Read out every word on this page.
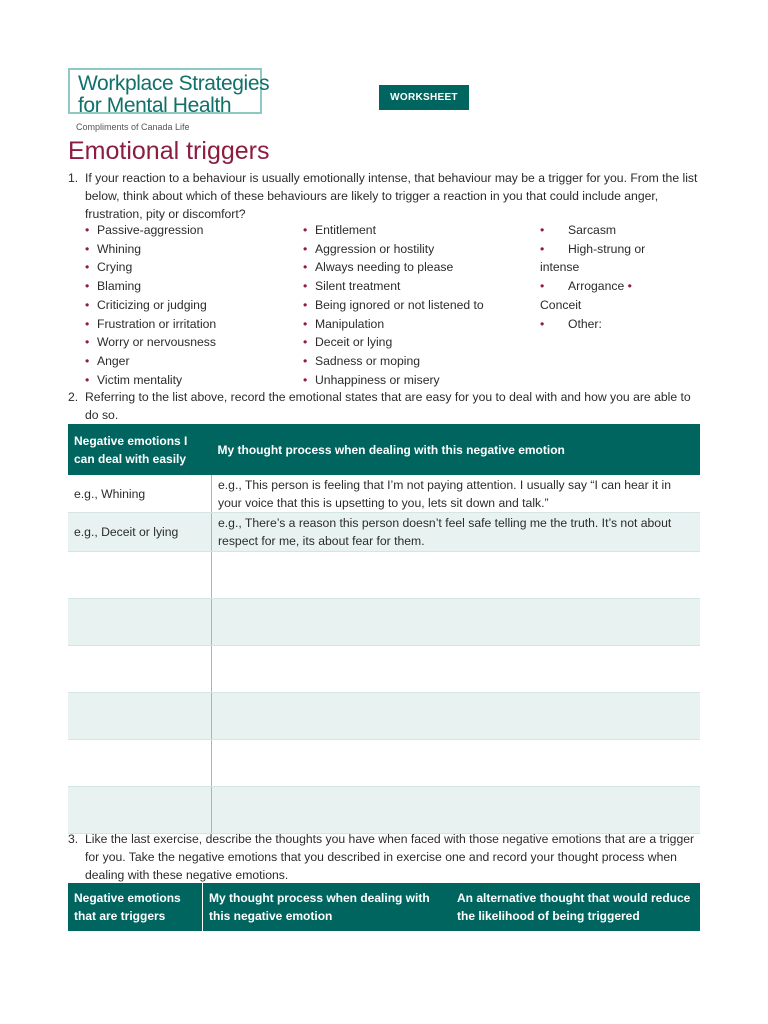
Workplace Strategies
for Mental Health
Compliments of Canada Life
WORKSHEET
Emotional triggers
1. If your reaction to a behaviour is usually emotionally intense, that behaviour may be a trigger for you. From the list below, think about which of these behaviours are likely to trigger a reaction in you that could include anger, frustration, pity or discomfort?
• Passive-aggression
• Whining
• Crying
• Blaming
• Criticizing or judging
• Frustration or irritation
• Worry or nervousness
• Anger
• Victim mentality
• Entitlement
• Aggression or hostility
• Always needing to please
• Silent treatment
• Being ignored or not listened to
• Manipulation
• Deceit or lying
• Sadness or moping
• Unhappiness or misery
• Sarcasm
• High-strung or
intense
• Arrogance •
Conceit
• Other:
2. Referring to the list above, record the emotional states that are easy for you to deal with and how you are able to do so.
Negative emotions I can deal with easily	My thought process when dealing with this negative emotion
e.g., Whining	e.g., This person is feeling that I’m not paying attention. I usually say “I can hear it in your voice that this is upsetting to you, lets sit down and talk.”
e.g., Deceit or lying	e.g., There’s a reason this person doesn’t feel safe telling me the truth. It’s not about respect for me, its about fear for them.

3. Like the last exercise, describe the thoughts you have when faced with those negative emotions that are a trigger for you. Take the negative emotions that you described in exercise one and record your thought process when dealing with these negative emotions.
Negative emotions that are triggers	My thought process when dealing with this negative emotion	An alternative thought that would reduce the likelihood of being triggered
